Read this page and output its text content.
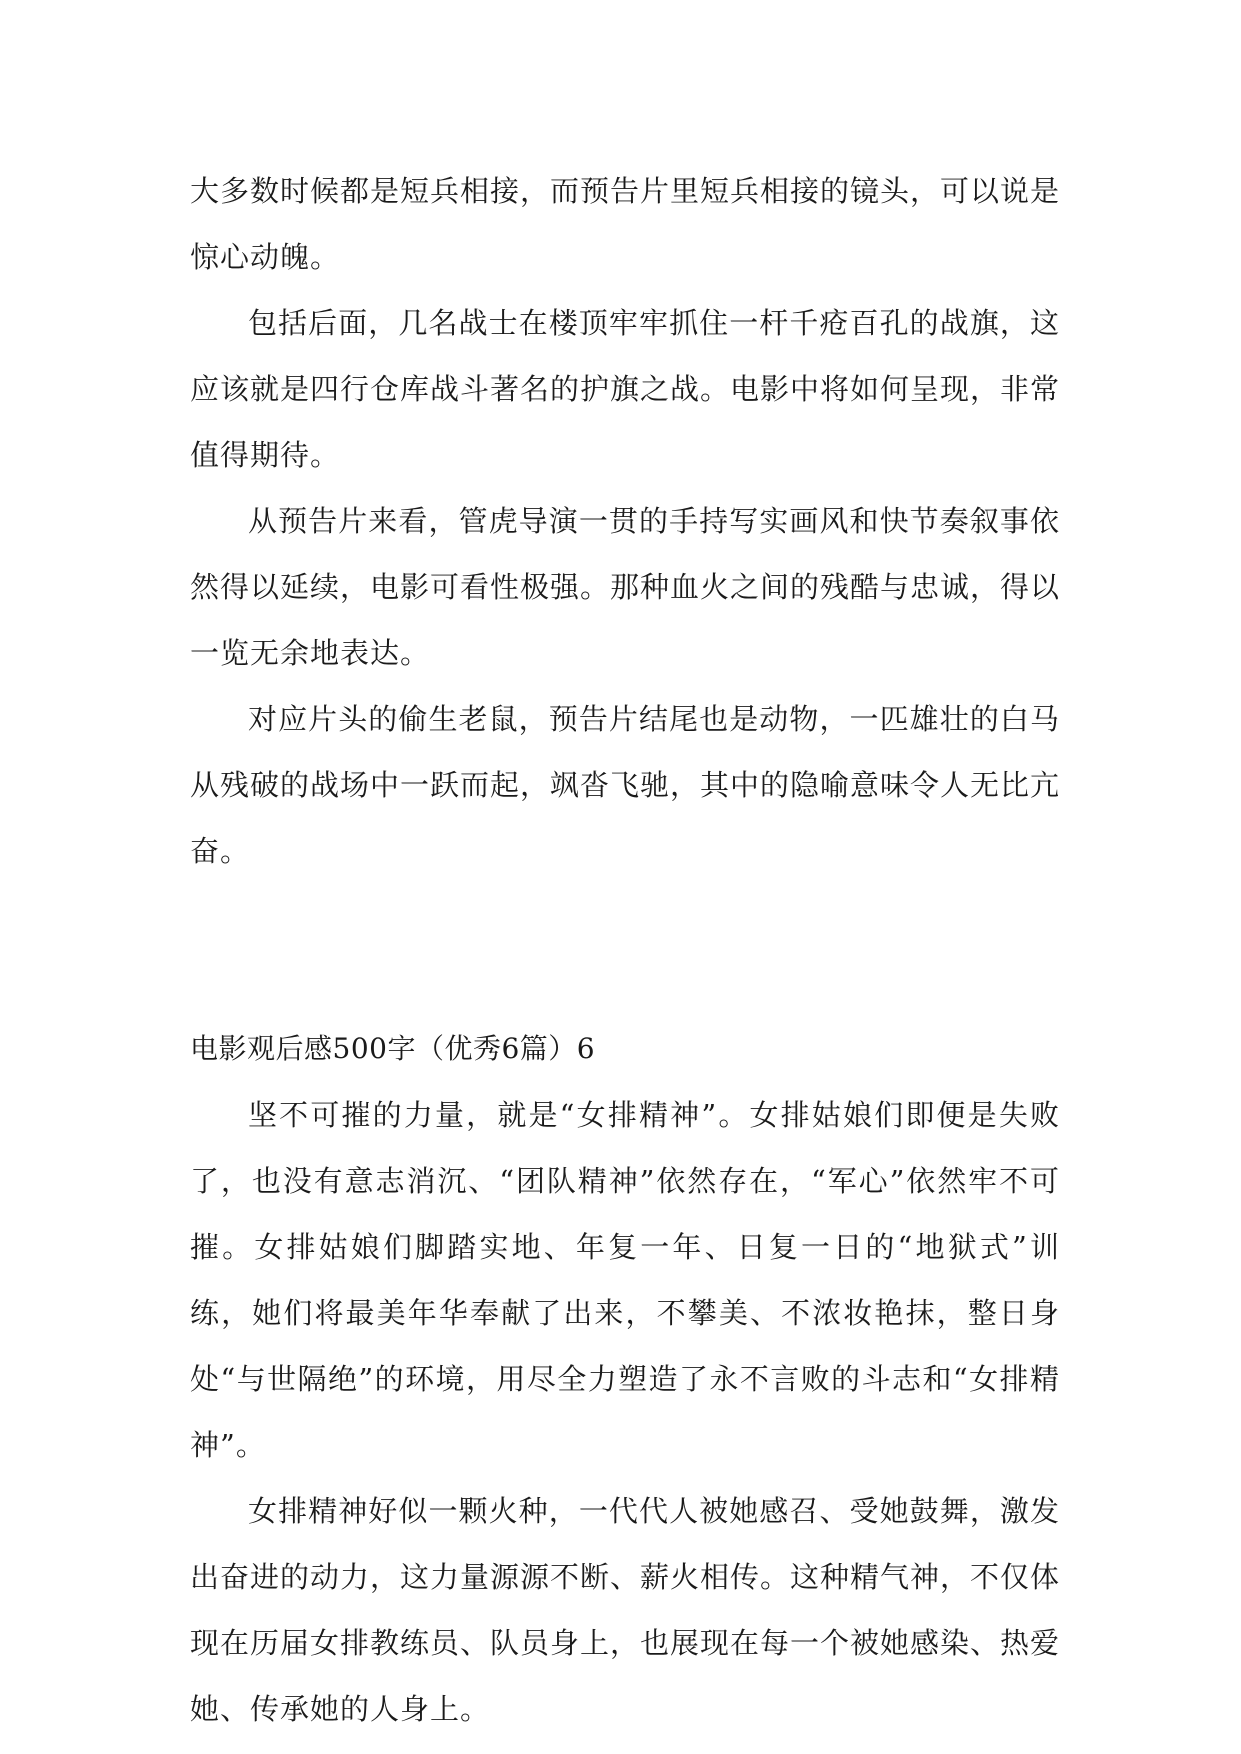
大多数时候都是短兵相接，而预告片里短兵相接的镜头，可以说是惊心动魄。

包括后面，几名战士在楼顶牢牢抓住一杆千疮百孔的战旗，这应该就是四行仓库战斗著名的护旗之战。电影中将如何呈现，非常值得期待。

从预告片来看，管虎导演一贯的手持写实画风和快节奏叙事依然得以延续，电影可看性极强。那种血火之间的残酷与忠诚，得以一览无余地表达。

对应片头的偷生老鼠，预告片结尾也是动物，一匹雄壮的白马从残破的战场中一跃而起，飒沓飞驰，其中的隐喻意味令人无比亢奋。

电影观后感500字（优秀6篇）6

坚不可摧的力量，就是“女排精神”。女排姑娘们即便是失败了，也没有意志消沉、“团队精神”依然存在，“军心”依然牢不可摧。女排姑娘们脚踏实地、年复一年、日复一日的“地狱式”训练，她们将最美年华奉献了出来，不攀美、不浓妆艳抹，整日身处“与世隔绝”的环境，用尽全力塑造了永不言败的斗志和“女排精神”。

女排精神好似一颗火种，一代代人被她感召、受她鼓舞，激发出奋进的动力，这力量源源不断、薪火相传。这种精气神，不仅体现在历届女排教练员、队员身上，也展现在每一个被她感染、热爱她、传承她的人身上。
